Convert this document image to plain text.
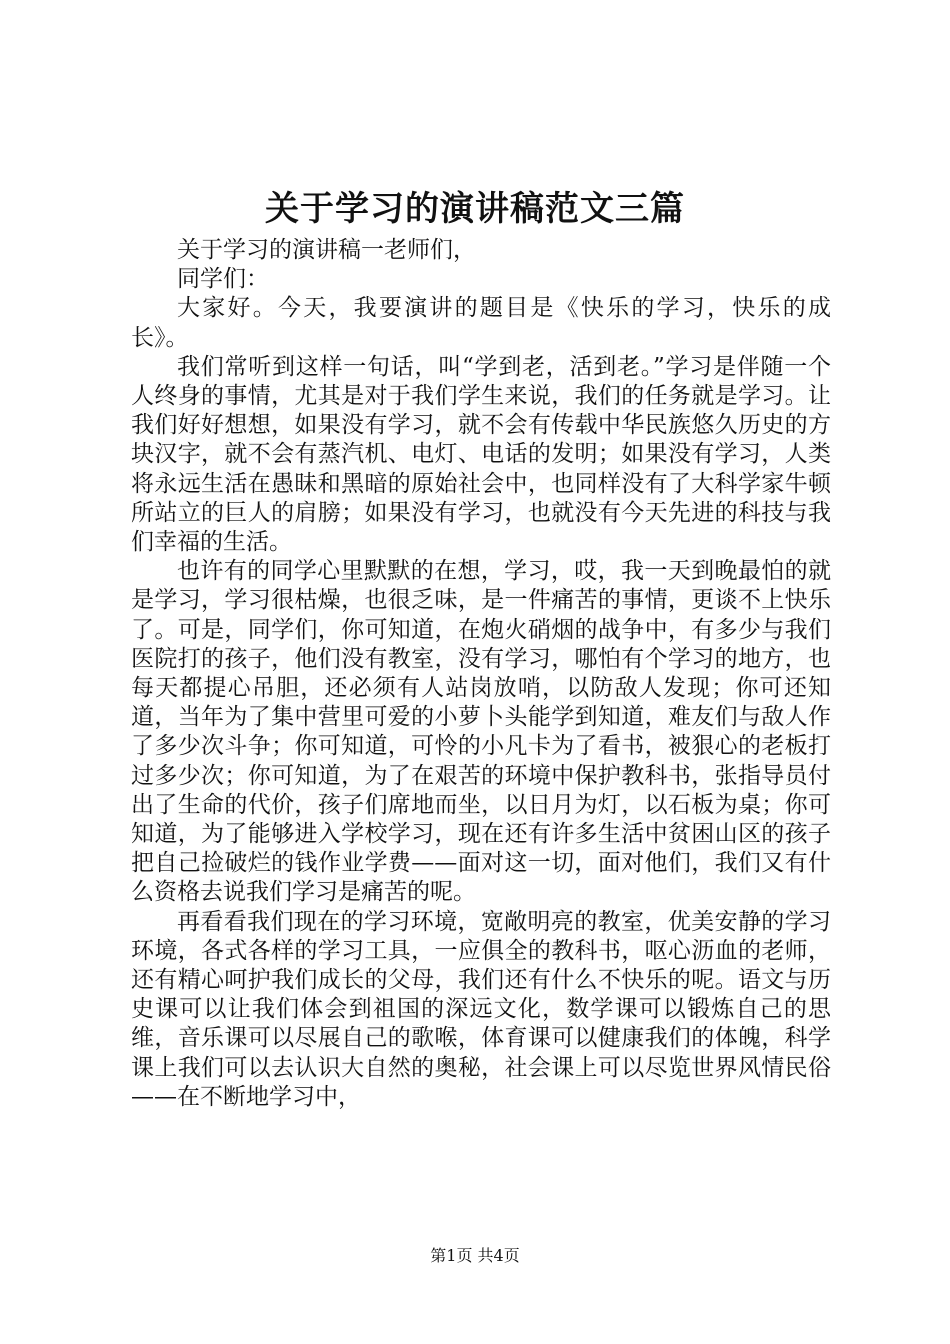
关于学习的演讲稿范文三篇

关于学习的演讲稿一老师们，

同学们：

大家好。今天，我要演讲的题目是《快乐的学习，快乐的成长》。

我们常听到这样一句话，叫“学到老，活到老。”学习是伴随一个人终身的事情，尤其是对于我们学生来说，我们的任务就是学习。让我们好好想想，如果没有学习，就不会有传载中华民族悠久历史的方块汉字，就不会有蒸汽机、电灯、电话的发明；如果没有学习，人类将永远生活在愚昧和黑暗的原始社会中，也同样没有了大科学家牛顿所站立的巨人的肩膀；如果没有学习，也就没有今天先进的科技与我们幸福的生活。

也许有的同学心里默默的在想，学习，哎，我一天到晚最怕的就是学习，学习很枯燥，也很乏味，是一件痛苦的事情，更谈不上快乐了。可是，同学们，你可知道，在炮火硝烟的战争中，有多少与我们医院打的孩子，他们没有教室，没有学习，哪怕有个学习的地方，也每天都提心吊胆，还必须有人站岗放哨，以防敌人发现；你可还知道，当年为了集中营里可爱的小萝卜头能学到知道，难友们与敌人作了多少次斗争；你可知道，可怜的小凡卡为了看书，被狠心的老板打过多少次；你可知道，为了在艰苦的环境中保护教科书，张指导员付出了生命的代价，孩子们席地而坐，以日月为灯，以石板为桌；你可知道，为了能够进入学校学习，现在还有许多生活中贫困山区的孩子把自己捡破烂的钱作业学费——面对这一切，面对他们，我们又有什么资格去说我们学习是痛苦的呢。

再看看我们现在的学习环境，宽敞明亮的教室，优美安静的学习环境，各式各样的学习工具，一应俱全的教科书，呕心沥血的老师，还有精心呵护我们成长的父母，我们还有什么不快乐的呢。语文与历史课可以让我们体会到祖国的深远文化，数学课可以锻炼自己的思维，音乐课可以尽展自己的歌喉，体育课可以健康我们的体魄，科学课上我们可以去认识大自然的奥秘，社会课上可以尽览世界风情民俗——在不断地学习中，

第1页 共4页
